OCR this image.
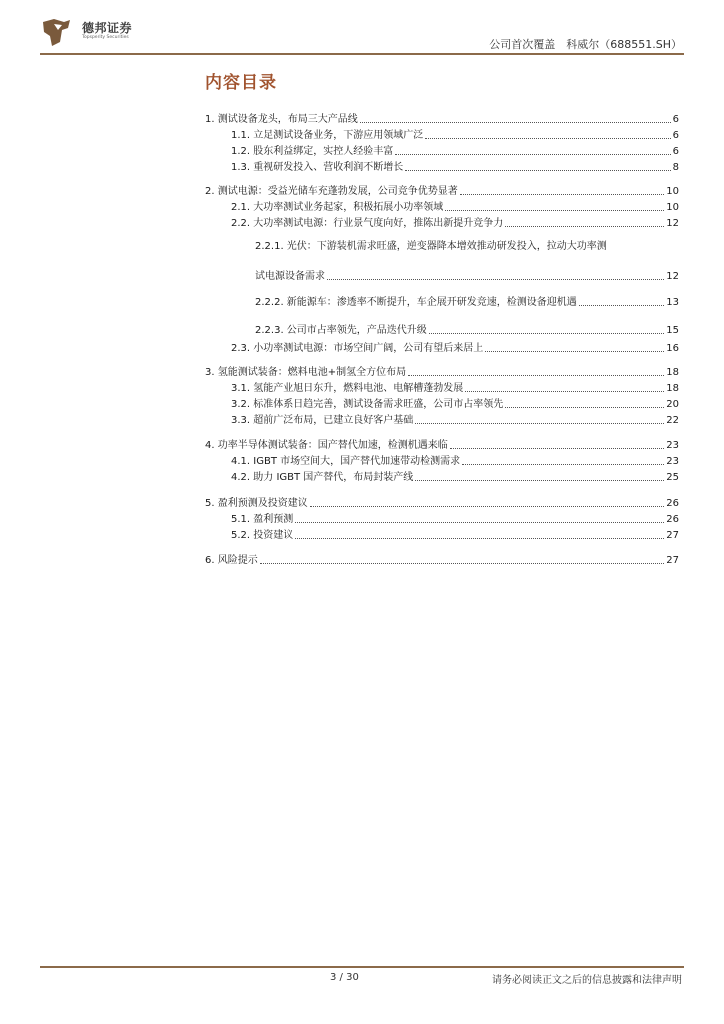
德邦证券
Topsperity Securities
公司首次覆盖　科威尔（688551.SH）
内容目录
1. 测试设备龙头，布局三大产品线	6
1.1. 立足测试设备业务，下游应用领域广泛	6
1.2. 股东利益绑定，实控人经验丰富	6
1.3. 重视研发投入、营收利润不断增长	8
2. 测试电源：受益光储车充蓬勃发展，公司竞争优势显著	10
2.1. 大功率测试业务起家，积极拓展小功率领域	10
2.2. 大功率测试电源：行业景气度向好，推陈出新提升竞争力	12
2.2.1. 光伏：下游装机需求旺盛，逆变器降本增效推动研发投入，拉动大功率测
试电源设备需求	12
2.2.2. 新能源车：渗透率不断提升，车企展开研发竞速，检测设备迎机遇	13
2.2.3. 公司市占率领先，产品迭代升级	15
2.3. 小功率测试电源：市场空间广阔，公司有望后来居上	16
3. 氢能测试装备：燃料电池+制氢全方位布局	18
3.1. 氢能产业旭日东升，燃料电池、电解槽蓬勃发展	18
3.2. 标准体系日趋完善，测试设备需求旺盛，公司市占率领先	20
3.3. 超前广泛布局，已建立良好客户基础	22
4. 功率半导体测试装备：国产替代加速，检测机遇来临	23
4.1. IGBT 市场空间大，国产替代加速带动检测需求	23
4.2. 助力 IGBT 国产替代，布局封装产线	25
5. 盈利预测及投资建议	26
5.1. 盈利预测	26
5.2. 投资建议	27
6. 风险提示	27
3 / 30	请务必阅读正文之后的信息披露和法律声明
